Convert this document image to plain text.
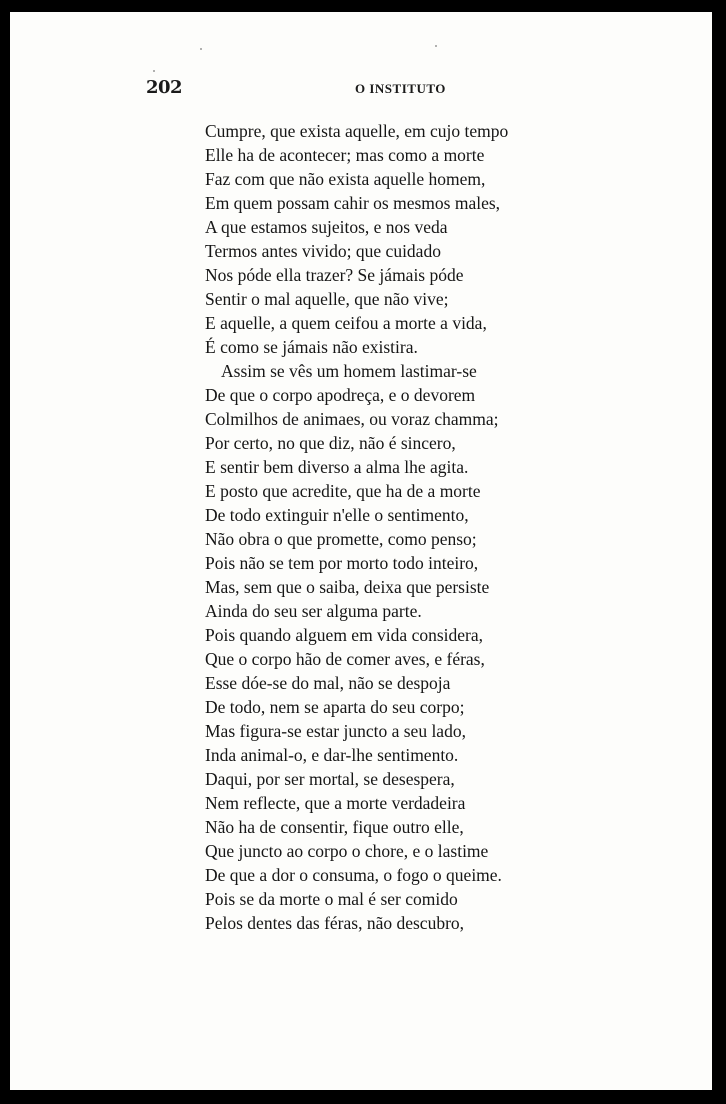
202	O INSTITUTO
Cumpre, que exista aquelle, em cujo tempo
Elle ha de acontecer; mas como a morte
Faz com que não exista aquelle homem,
Em quem possam cahir os mesmos males,
A que estamos sujeitos, e nos veda
Termos antes vivido; que cuidado
Nos póde ella trazer? Se jámais póde
Sentir o mal aquelle, que não vive;
E aquelle, a quem ceifou a morte a vida,
É como se jámais não existira.
Assim se vês um homem lastimar-se
De que o corpo apodreça, e o devorem
Colmilhos de animaes, ou voraz chamma;
Por certo, no que diz, não é sincero,
E sentir bem diverso a alma lhe agita.
E posto que acredite, que ha de a morte
De todo extinguir n'elle o sentimento,
Não obra o que promette, como penso;
Pois não se tem por morto todo inteiro,
Mas, sem que o saiba, deixa que persiste
Ainda do seu ser alguma parte.
Pois quando alguem em vida considera,
Que o corpo hão de comer aves, e féras,
Esse dóe-se do mal, não se despoja
De todo, nem se aparta do seu corpo;
Mas figura-se estar juncto a seu lado,
Inda animal-o, e dar-lhe sentimento.
Daqui, por ser mortal, se desespera,
Nem reflecte, que a morte verdadeira
Não ha de consentir, fique outro elle,
Que juncto ao corpo o chore, e o lastime
De que a dor o consuma, o fogo o queime.
Pois se da morte o mal é ser comido
Pelos dentes das féras, não descubro,
